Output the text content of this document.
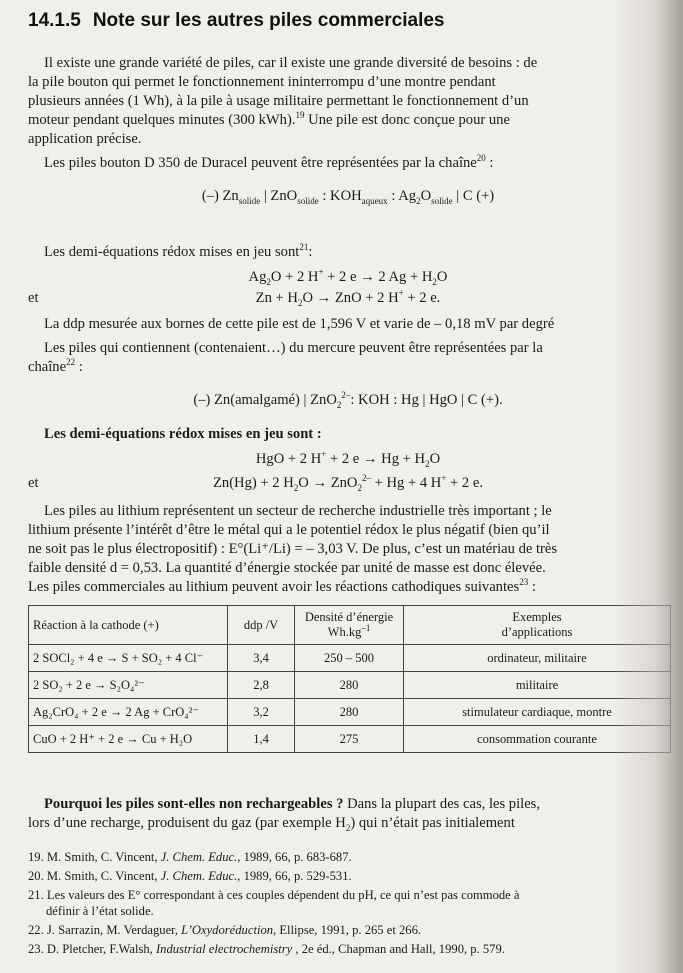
14.1.5 Note sur les autres piles commerciales

Il existe une grande variété de piles, car il existe une grande diversité de besoins : de

la pile bouton qui permet le fonctionnement ininterrompu d’une montre pendant

plusieurs années (1 Wh), à la pile à usage militaire permettant le fonctionnement d’un

moteur pendant quelques minutes (300 kWh).$^{19}$ Une pile est donc conçue pour une

application précise.

Les piles bouton D 350 de Duracel peuvent être représentées par la chaîne$^{20}$ :

(–) $Zn_{solide}$ | ZnO$_{solide}$ : $KOH_{aqueux}$ : $Ag_2O_{solide}$ | C (+)

Les demi-équations rédox mises en jeu sont$^{21}$:

$Ag_2O + 2$ H+ + 2 e → 2 $Ag + H_2O$
et	$Zn + H_2O$ → ZnO + 2 H+ + 2 e.

La ddp mesurée aux bornes de cette pile est de 1,596 V et varie de – 0,18 mV par degré

Les piles qui contiennent (contenaient…) du mercure peuvent être représentées par la

chaîne$^{22}$ :

(–) Zn(amalgamé) | ZnO$_2^{2-}$: KOH : Hg | HgO | C (+).

Les demi-équations rédox mises en jeu sont :

HgO + 2 H+ + 2 $e \to Hg + H_2O$
et	Zn(Hg) + 2 $H_2O \to ZnO_2^{2-} + Hg + 4$ H+ + 2 e.

Les piles au lithium représentent un secteur de recherche industrielle très important ; le

lithium présente l’intérêt d’être le métal qui a le potentiel rédox le plus négatif (bien qu’il

ne soit pas le plus électropositif) : E°(Li⁺/Li) = – 3,03 V. De plus, c’est un matériau de très

faible densité d = 0,53. La quantité d’énergie stockée par unité de masse est donc élevée.

Les piles commerciales au lithium peuvent avoir les réactions cathodiques suivantes$^{23}$ :

Réaction à la cathode (+)	ddp /V	Densité d’énergie
$Wh.kg^{-1}$	Exemples
d’applications
2 SOCl₂ + 4 e → S + SO₂ + 4 Cl⁻	3,4	250 – 500	ordinateur, militaire
2 SO₂ + 2 e → S₂O₄²⁻	2,8	280	militaire
Ag₂CrO₄ + 2 e → 2 Ag + CrO₄²⁻	3,2	280	stimulateur cardiaque, montre
CuO + 2 H⁺ + 2 e → Cu + H₂O	1,4	275	consommation courante

Pourquoi les piles sont-elles non rechargeables ? Dans la plupart des cas, les piles,

lors d’une recharge, produisent du gaz (par exemple $H_2$) qui n’était pas initialement

19. M. Smith, C. Vincent, J. Chem. Educ., 1989, 66, p. 683-687.
20. M. Smith, C. Vincent, J. Chem. Educ., 1989, 66, p. 529-531.
21. Les valeurs des E° correspondant à ces couples dépendent du pH, ce qui n’est pas commode à
définir à l’état solide.
22. J. Sarrazin, M. Verdaguer, L’Oxydoréduction, Ellipse, 1991, p. 265 et 266.
23. D. Pletcher, F.Walsh, Industrial electrochemistry , 2e éd., Chapman and Hall, 1990, p. 579.
